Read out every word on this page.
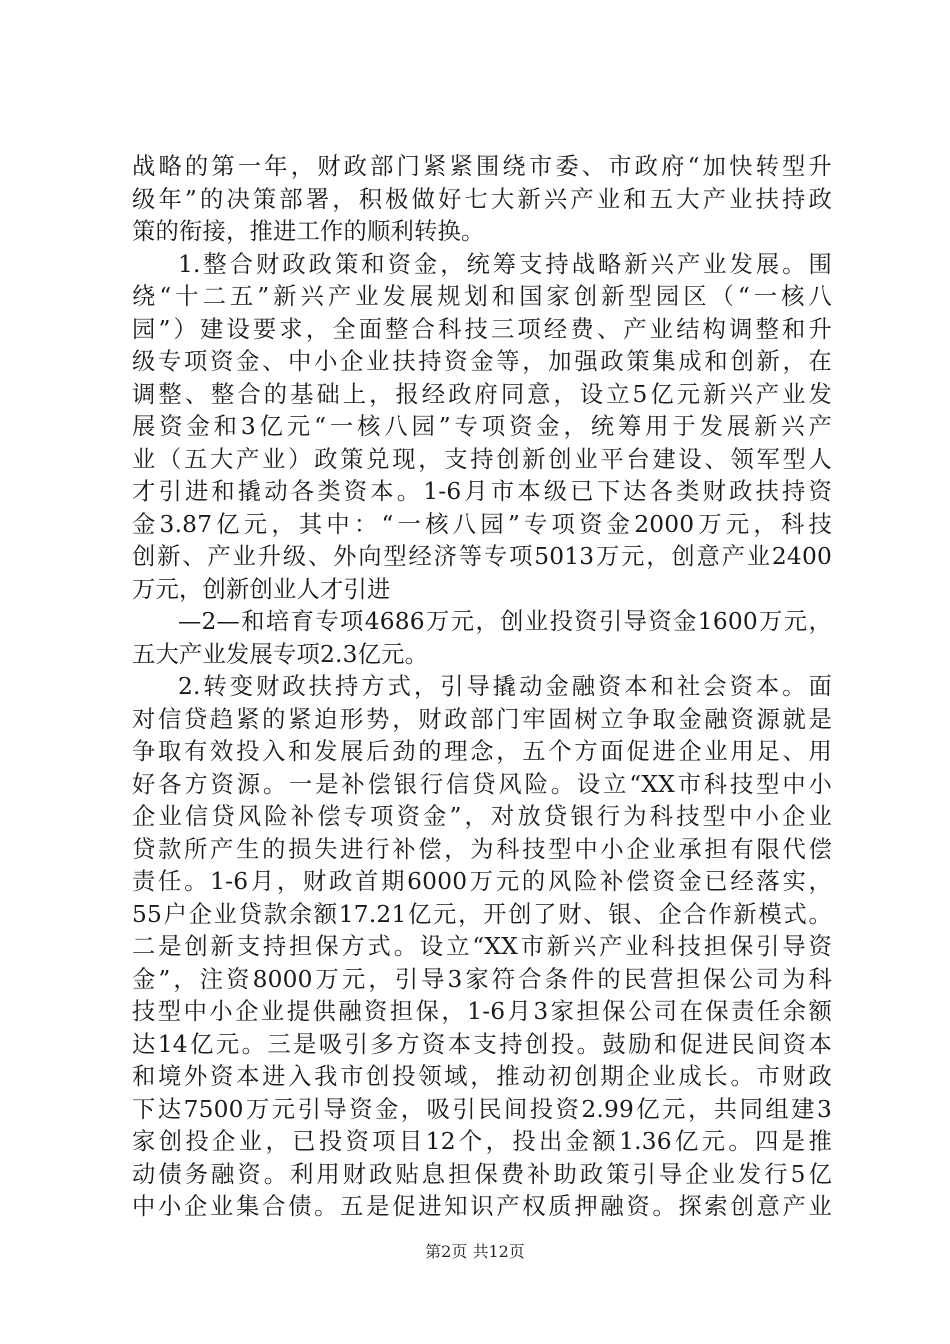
战略的第一年，财政部门紧紧围绕市委、市政府“加快转型升
级年”的决策部署，积极做好七大新兴产业和五大产业扶持政
策的衔接，推进工作的顺利转换。
1.整合财政政策和资金，统筹支持战略新兴产业发展。围
绕“十二五”新兴产业发展规划和国家创新型园区（“一核八
园”）建设要求，全面整合科技三项经费、产业结构调整和升
级专项资金、中小企业扶持资金等，加强政策集成和创新，在
调整、整合的基础上，报经政府同意，设立5亿元新兴产业发
展资金和3亿元“一核八园”专项资金，统筹用于发展新兴产
业（五大产业）政策兑现，支持创新创业平台建设、领军型人
才引进和撬动各类资本。1-6月市本级已下达各类财政扶持资
金3.87亿元，其中：“一核八园”专项资金2000万元，科技
创新、产业升级、外向型经济等专项5013万元，创意产业2400
万元，创新创业人才引进
—2—和培育专项4686万元，创业投资引导资金1600万元，
五大产业发展专项2.3亿元。
2.转变财政扶持方式，引导撬动金融资本和社会资本。面
对信贷趋紧的紧迫形势，财政部门牢固树立争取金融资源就是
争取有效投入和发展后劲的理念，五个方面促进企业用足、用
好各方资源。一是补偿银行信贷风险。设立“XX市科技型中小
企业信贷风险补偿专项资金”，对放贷银行为科技型中小企业
贷款所产生的损失进行补偿，为科技型中小企业承担有限代偿
责任。1-6月，财政首期6000万元的风险补偿资金已经落实，
55户企业贷款余额17.21亿元，开创了财、银、企合作新模式。
二是创新支持担保方式。设立“XX市新兴产业科技担保引导资
金”，注资8000万元，引导3家符合条件的民营担保公司为科
技型中小企业提供融资担保，1-6月3家担保公司在保责任余额
达14亿元。三是吸引多方资本支持创投。鼓励和促进民间资本
和境外资本进入我市创投领域，推动初创期企业成长。市财政
下达7500万元引导资金，吸引民间投资2.99亿元，共同组建3
家创投企业，已投资项目12个，投出金额1.36亿元。四是推
动债务融资。利用财政贴息担保费补助政策引导企业发行5亿
中小企业集合债。五是促进知识产权质押融资。探索创意产业
第2页 共12页
